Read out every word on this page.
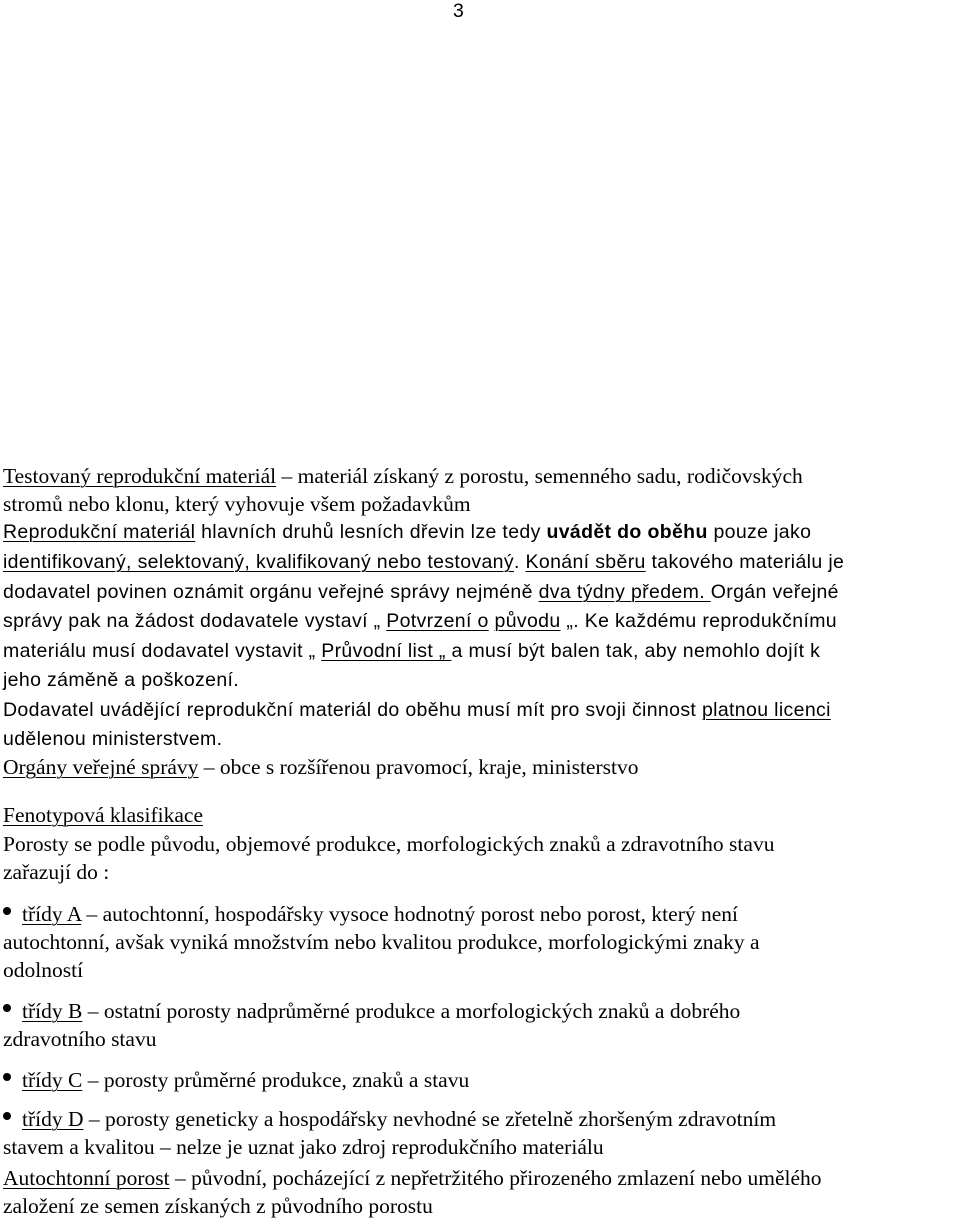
3
Testovaný reprodukční materiál – materiál získaný z porostu, semenného sadu, rodičovských
stromů nebo klonu, který vyhovuje všem požadavkům
Reprodukční materiál hlavních druhů lesních dřevin lze tedy uvádět do oběhu pouze jako
identifikovaný, selektovaný, kvalifikovaný nebo testovaný. Konání sběru takového materiálu je
dodavatel povinen oznámit orgánu veřejné správy nejméně dva týdny předem. Orgán veřejné
správy pak na žádost dodavatele vystaví „ Potvrzení o původu „. Ke každému reprodukčnímu
materiálu musí dodavatel vystavit „ Průvodní list „ a musí být balen tak, aby nemohlo dojít k
jeho záměně a poškození.
Dodavatel uvádějící reprodukční materiál do oběhu musí mít pro svoji činnost platnou licenci
udělenou ministerstvem.
Orgány veřejné správy – obce s rozšířenou pravomocí, kraje, ministerstvo
Fenotypová klasifikace
Porosty se podle původu, objemové produkce, morfologických znaků a zdravotního stavu
zařazují do :
třídy A – autochtonní, hospodářsky vysoce hodnotný porost nebo porost, který není
autochtonní, avšak vyniká množstvím nebo kvalitou produkce, morfologickými znaky a
odolností
třídy B – ostatní porosty nadprůměrné produkce a morfologických znaků a dobrého
zdravotního stavu
třídy C – porosty průměrné produkce, znaků a stavu
třídy D – porosty geneticky a hospodářsky nevhodné se zřetelně zhoršeným zdravotním
stavem a kvalitou – nelze je uznat jako zdroj reprodukčního materiálu
Autochtonní porost – původní, pocházející z nepřetržitého přirozeného zmlazení nebo umělého
založení ze semen získaných z původního porostu
